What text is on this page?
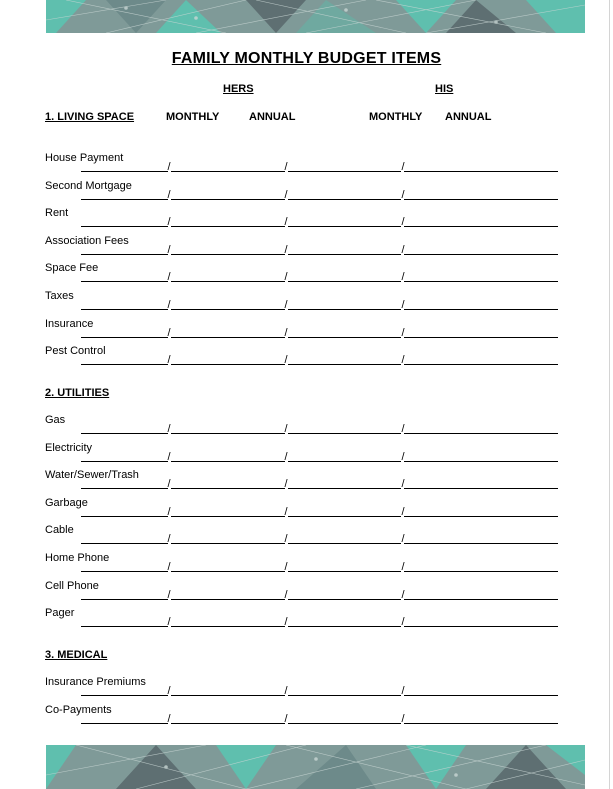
FAMILY MONTHLY BUDGET ITEMS
HERS	HIS
MONTHLY	ANNUAL	MONTHLY ANNUAL
1. LIVING SPACE
House Payment
/	/	/
Second Mortgage
/	/	/
Rent
/	/	/
Association Fees
/	/	/
Space Fee
/	/	/
Taxes
/	/	/
Insurance
/	/	/
Pest Control
/	/	/
2. UTILITIES
Gas
/	/	/
Electricity
/	/	/
Water/Sewer/Trash
/	/	/
Garbage
/	/	/
Cable
/	/	/
Home Phone
/	/	/
Cell Phone
/	/	/
Pager
/	/	/
3. MEDICAL
Insurance Premiums
/	/	/
Co-Payments
/	/	/
